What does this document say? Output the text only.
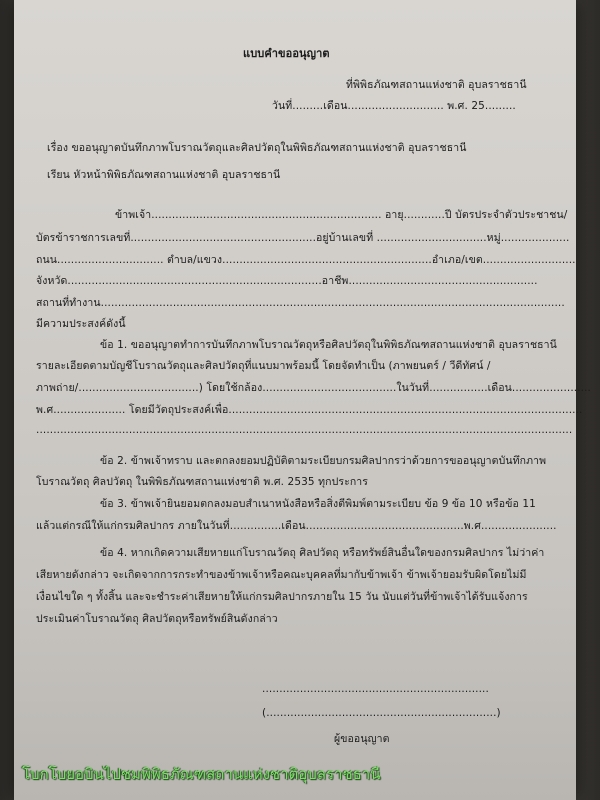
แบบคำขออนุญาต
ที่พิพิธภัณฑสถานแห่งชาติ อุบลราชธานี
วันที่.........เดือน............................ พ.ศ. 25.........
เรื่อง ขออนุญาตบันทึกภาพโบราณวัตถุและศิลปวัตถุในพิพิธภัณฑสถานแห่งชาติ อุบลราชธานี
เรียน หัวหน้าพิพิธภัณฑสถานแห่งชาติ อุบลราชธานี
ข้าพเจ้า................................................................... อายุ............ปี บัตรประจำตัวประชาชน/
บัตรข้าราชการเลขที่......................................................อยู่บ้านเลขที่ ................................หมู่....................
ถนน............................... ตำบล/แขวง.............................................................อำเภอ/เขต...........................
จังหวัด..........................................................................อาชีพ.......................................................
สถานที่ทำงาน.......................................................................................................................................
มีความประสงค์ดังนี้
ข้อ 1. ขออนุญาตทำการบันทึกภาพโบราณวัตถุหรือศิลปวัตถุในพิพิธภัณฑสถานแห่งชาติ อุบลราชธานี
รายละเอียดตามบัญชีโบราณวัตถุและศิลปวัตถุที่แนบมาพร้อมนี้ โดยจัดทำเป็น (ภาพยนตร์ / วีดีทัศน์ /
ภาพถ่าย/...................................) โดยใช้กล้อง.......................................ในวันที่.................เดือน.......................
พ.ศ..................... โดยมีวัตถุประสงค์เพื่อ.......................................................................................................
............................................................................................................................................................
ข้อ 2. ข้าพเจ้าทราบ และตกลงยอมปฏิบัติตามระเบียบกรมศิลปากรว่าด้วยการขออนุญาตบันทึกภาพ
โบราณวัตถุ ศิลปวัตถุ ในพิพิธภัณฑสถานแห่งชาติ พ.ศ. 2535 ทุกประการ
ข้อ 3. ข้าพเจ้ายินยอมตกลงมอบสำเนาหนังสือหรือสิ่งตีพิมพ์ตามระเบียบ ข้อ 9 ข้อ 10 หรือข้อ 11
แล้วแต่กรณีให้แก่กรมศิลปากร ภายในวันที่...............เดือน..............................................พ.ศ......................
ข้อ 4. หากเกิดความเสียหายแก่โบราณวัตถุ ศิลปวัตถุ หรือทรัพย์สินอื่นใดของกรมศิลปากร ไม่ว่าค่า
เสียหายดังกล่าว จะเกิดจากการกระทำของข้าพเจ้าหรือคณะบุคคลที่มากับข้าพเจ้า ข้าพเจ้ายอมรับผิดโดยไม่มี
เงื่อนไขใด ๆ ทั้งสิ้น และจะชำระค่าเสียหายให้แก่กรมศิลปากรภายใน 15 วัน นับแต่วันที่ข้าพเจ้าได้รับแจ้งการ
ประเมินค่าโบราณวัตถุ ศิลปวัตถุหรือทรัพย์สินดังกล่าว
..................................................................
(...................................................................)
ผู้ขออนุญาต
โบกโบยอบินไปชมพิพิธภัณฑสถานแห่งชาติอุบลราชธานี
